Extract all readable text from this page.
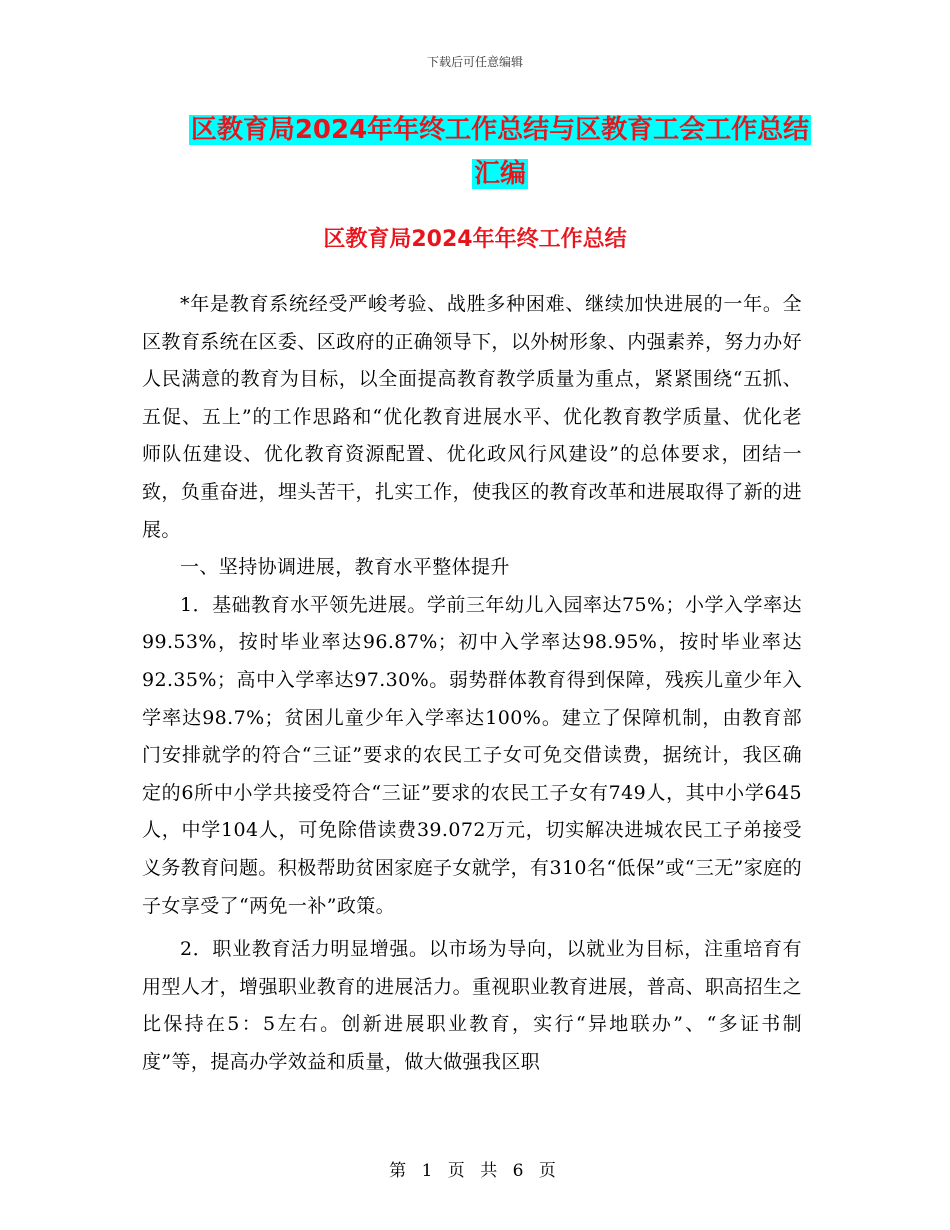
下载后可任意编辑
区教育局2024年年终工作总结与区教育工会工作总结
汇编
区教育局2024年年终工作总结

*年是教育系统经受严峻考验、战胜多种困难、继续加快进展的一年。全区教育系统在区委、区政府的正确领导下，以外树形象、内强素养，努力办好人民满意的教育为目标，以全面提高教育教学质量为重点，紧紧围绕“五抓、五促、五上”的工作思路和“优化教育进展水平、优化教育教学质量、优化老师队伍建设、优化教育资源配置、优化政风行风建设”的总体要求，团结一致，负重奋进，埋头苦干，扎实工作，使我区的教育改革和进展取得了新的进展。

一、坚持协调进展，教育水平整体提升

1．基础教育水平领先进展。学前三年幼儿入园率达75%；小学入学率达99.53%，按时毕业率达96.87%；初中入学率达98.95%，按时毕业率达92.35%；高中入学率达97.30%。弱势群体教育得到保障，残疾儿童少年入学率达98.7%；贫困儿童少年入学率达100%。建立了保障机制，由教育部门安排就学的符合“三证”要求的农民工子女可免交借读费，据统计，我区确定的6所中小学共接受符合“三证”要求的农民工子女有749人，其中小学645人，中学104人，可免除借读费39.072万元，切实解决进城农民工子弟接受义务教育问题。积极帮助贫困家庭子女就学，有310名“低保”或“三无”家庭的子女享受了“两免一补”政策。

2．职业教育活力明显增强。以市场为导向，以就业为目标，注重培育有用型人才，增强职业教育的进展活力。重视职业教育进展，普高、职高招生之比保持在5：5左右。创新进展职业教育，实行“异地联办”、“多证书制度”等，提高办学效益和质量，做大做强我区职

第 1 页 共 6 页
